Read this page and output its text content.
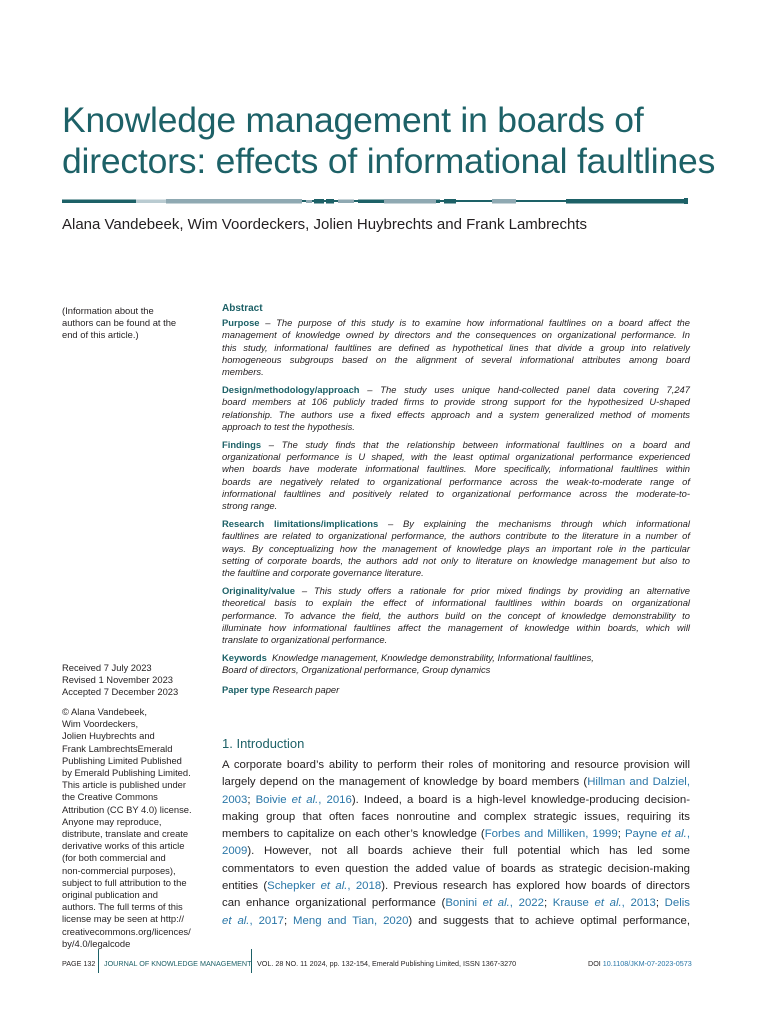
Knowledge management in boards of
directors: effects of informational faultlines
Alana Vandebeek, Wim Voordeckers, Jolien Huybrechts and Frank Lambrechts
(Information about the
authors can be found at the
end of this article.)
Received 7 July 2023
Revised 1 November 2023
Accepted 7 December 2023
© Alana Vandebeek,
Wim Voordeckers,
Jolien Huybrechts and
Frank LambrechtsEmerald
Publishing Limited Published
by Emerald Publishing Limited.
This article is published under
the Creative Commons
Attribution (CC BY 4.0) license.
Anyone may reproduce,
distribute, translate and create
derivative works of this article
(for both commercial and
non-commercial purposes),
subject to full attribution to the
original publication and
authors. The full terms of this
license may be seen at http://
creativecommons.org/licences/
by/4.0/legalcode
Abstract
Purpose – The purpose of this study is to examine how informational faultlines on a board affect the
management of knowledge owned by directors and the consequences on organizational performance. In
this study, informational faultlines are defined as hypothetical lines that divide a group into relatively
homogeneous subgroups based on the alignment of several informational attributes among board
members.
Design/methodology/approach – The study uses unique hand-collected panel data covering 7,247
board members at 106 publicly traded firms to provide strong support for the hypothesized U-shaped
relationship. The authors use a fixed effects approach and a system generalized method of moments
approach to test the hypothesis.
Findings – The study finds that the relationship between informational faultlines on a board and
organizational performance is U shaped, with the least optimal organizational performance experienced
when boards have moderate informational faultlines. More specifically, informational faultlines within
boards are negatively related to organizational performance across the weak-to-moderate range of
informational faultlines and positively related to organizational performance across the moderate-to-
strong range.
Research limitations/implications – By explaining the mechanisms through which informational
faultlines are related to organizational performance, the authors contribute to the literature in a number of
ways. By conceptualizing how the management of knowledge plays an important role in the particular
setting of corporate boards, the authors add not only to literature on knowledge management but also to
the faultline and corporate governance literature.
Originality/value – This study offers a rationale for prior mixed findings by providing an alternative
theoretical basis to explain the effect of informational faultlines within boards on organizational
performance. To advance the field, the authors build on the concept of knowledge demonstrability to
illuminate how informational faultlines affect the management of knowledge within boards, which will
translate to organizational performance.
Keywords Knowledge management, Knowledge demonstrability, Informational faultlines,
Board of directors, Organizational performance, Group dynamics
Paper type Research paper
1. Introduction
A corporate board’s ability to perform their roles of monitoring and resource provision will
largely depend on the management of knowledge by board members (Hillman and Dalziel,
2003; Boivie et al., 2016). Indeed, a board is a high-level knowledge-producing decision-
making group that often faces nonroutine and complex strategic issues, requiring its
members to capitalize on each other’s knowledge (Forbes and Milliken, 1999; Payne et al.,
2009). However, not all boards achieve their full potential which has led some
commentators to even question the added value of boards as strategic decision-making
entities (Schepker et al., 2018). Previous research has explored how boards of directors
can enhance organizational performance (Bonini et al., 2022; Krause et al., 2013; Delis
et al., 2017; Meng and Tian, 2020) and suggests that to achieve optimal performance,
PAGE 132 JOURNAL OF KNOWLEDGE MANAGEMENT VOL. 28 NO. 11 2024, pp. 132-154, Emerald Publishing Limited, ISSN 1367-3270	DOI 10.1108/JKM-07-2023-0573
